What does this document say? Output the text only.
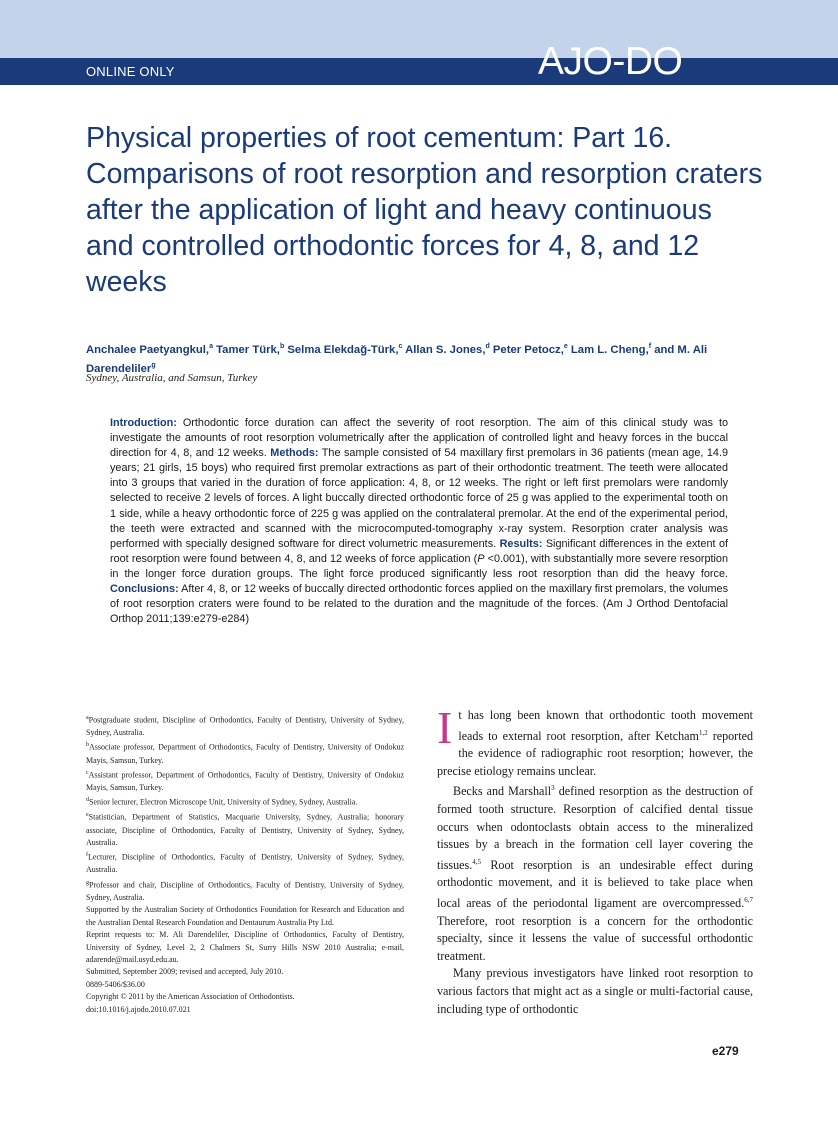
ONLINE ONLY	AJO-DO
Physical properties of root cementum: Part 16. Comparisons of root resorption and resorption craters after the application of light and heavy continuous and controlled orthodontic forces for 4, 8, and 12 weeks
Anchalee Paetyangkul,$^a$ Tamer Türk,$^b$ Selma Elekdağ-Türk,$^c$ Allan S. Jones,$^d$ Peter Petocz,$^e$ Lam L. Cheng,$^f$ and M. Ali Darendeliler$^g$
Sydney, Australia, and Samsun, Turkey
Introduction: Orthodontic force duration can affect the severity of root resorption. The aim of this clinical study was to investigate the amounts of root resorption volumetrically after the application of controlled light and heavy forces in the buccal direction for 4, 8, and 12 weeks. Methods: The sample consisted of 54 maxillary first premolars in 36 patients (mean age, 14.9 years; 21 girls, 15 boys) who required first premolar extractions as part of their orthodontic treatment. The teeth were allocated into 3 groups that varied in the duration of force application: 4, 8, or 12 weeks. The right or left first premolars were randomly selected to receive 2 levels of forces. A light buccally directed orthodontic force of 25 g was applied to the experimental tooth on 1 side, while a heavy orthodontic force of 225 g was applied on the contralateral premolar. At the end of the experimental period, the teeth were extracted and scanned with the microcomputed-tomography x-ray system. Resorption crater analysis was performed with specially designed software for direct volumetric measurements. Results: Significant differences in the extent of root resorption were found between 4, 8, and 12 weeks of force application (P <0.001), with substantially more severe resorption in the longer force duration groups. The light force produced significantly less root resorption than did the heavy force. Conclusions: After 4, 8, or 12 weeks of buccally directed orthodontic forces applied on the maxillary first premolars, the volumes of root resorption craters were found to be related to the duration and the magnitude of the forces. (Am J Orthod Dentofacial Orthop 2011;139:e279-e284)

$^a$Postgraduate student, Discipline of Orthodontics, Faculty of Dentistry, University of Sydney, Sydney, Australia.

$^b$Associate professor, Department of Orthodontics, Faculty of Dentistry, University of Ondokuz Mayis, Samsun, Turkey.

$^c$Assistant professor, Department of Orthodontics, Faculty of Dentistry, University of Ondokuz Mayis, Samsun, Turkey.

$^d$Senior lecturer, Electron Microscope Unit, University of Sydney, Sydney, Australia.

$^e$Statistician, Department of Statistics, Macquarie University, Sydney, Australia; honorary associate, Discipline of Orthodontics, Faculty of Dentistry, University of Sydney, Sydney, Australia.

$^f$Lecturer, Discipline of Orthodontics, Faculty of Dentistry, University of Sydney, Sydney, Australia.

$^g$Professor and chair, Discipline of Orthodontics, Faculty of Dentistry, University of Sydney, Sydney, Australia.

Supported by the Australian Society of Orthodontics Foundation for Research and Education and the Australian Dental Research Foundation and Dentaurum Australia Pty Ltd.

Reprint requests to: M. Ali Darendeliler, Discipline of Orthodontics, Faculty of Dentistry, University of Sydney, Level 2, 2 Chalmers St, Surry Hills NSW 2010 Australia; e-mail, adarende@mail.usyd.edu.au.

Submitted, September 2009; revised and accepted, July 2010.

0889-5406/$36.00

Copyright © 2011 by the American Association of Orthodontists.

doi:10.1016/j.ajodo.2010.07.021

It has long been known that orthodontic tooth movement leads to external root resorption, after Ketcham$^{1,2}$ reported the evidence of radiographic root resorption; however, the precise etiology remains unclear.

Becks and Marshall$^3$ defined resorption as the destruction of formed tooth structure. Resorption of calcified dental tissue occurs when odontoclasts obtain access to the mineralized tissues by a breach in the formation cell layer covering the tissues.$^{4,5}$ Root resorption is an undesirable effect during orthodontic movement, and it is believed to take place when local areas of the periodontal ligament are overcompressed.$^{6,7}$ Therefore, root resorption is a concern for the orthodontic specialty, since it lessens the value of successful orthodontic treatment.

Many previous investigators have linked root resorption to various factors that might act as a single or multi-factorial cause, including type of orthodontic

e279
